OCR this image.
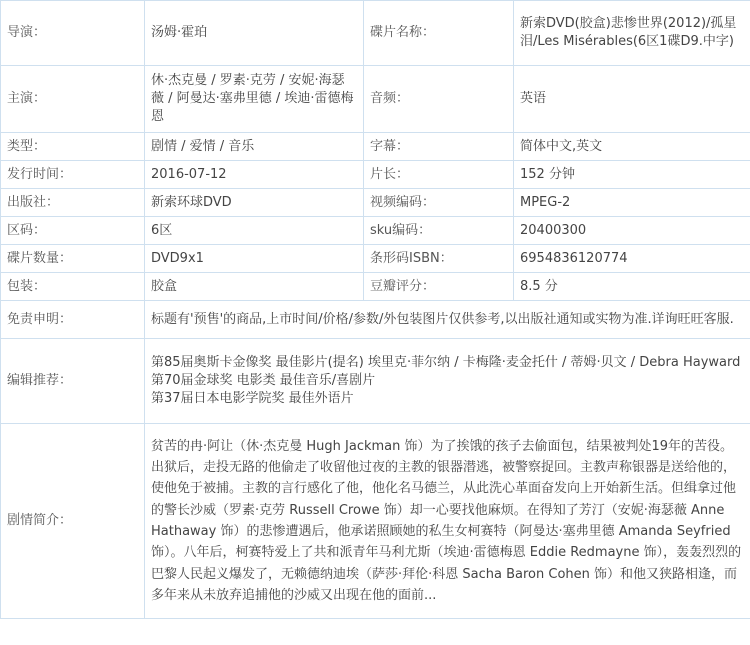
导演：	汤姆·霍珀	碟片名称：	新索DVD(胶盒)悲惨世界(2012)/孤星泪/Les Misérables(6区1碟D9.中字)
主演：	休·杰克曼 / 罗素·克劳 / 安妮·海瑟薇 / 阿曼达·塞弗里德 / 埃迪·雷德梅恩	音频：	英语
类型：	剧情 / 爱情 / 音乐	字幕：	简体中文,英文
发行时间：	2016-07-12	片长：	152 分钟
出版社：	新索环球DVD	视频编码：	MPEG-2
区码：	6区	sku编码：	20400300
碟片数量：	DVD9x1	条形码ISBN：	6954836120774
包装：	胶盒	豆瓣评分：	8.5 分
免责申明：	标题有'预售'的商品,上市时间/价格/参数/外包装图片仅供参考,以出版社通知或实物为准.详询旺旺客服.		
编辑推荐：	第85届奥斯卡金像奖 最佳影片(提名) 埃里克·菲尔纳 / 卡梅隆·麦金托什 / 蒂姆·贝文 / Debra Hayward
第70届金球奖 电影类 最佳音乐/喜剧片
第37届日本电影学院奖 最佳外语片		

剧情简介：	贫苦的冉·阿让（休·杰克曼 Hugh Jackman 饰）为了挨饿的孩子去偷面包，结果被判处19年的苦役。出狱后，走投无路的他偷走了收留他过夜的主教的银器潜逃，被警察捉回。主教声称银器是送给他的，使他免于被捕。主教的言行感化了他，他化名马德兰，从此洗心革面奋发向上开始新生活。但缉拿过他的警长沙威（罗素·克劳 Russell Crowe 饰）却一心要找他麻烦。在得知了芳汀（安妮·海瑟薇 Anne Hathaway 饰）的悲惨遭遇后，他承诺照顾她的私生女柯赛特（阿曼达·塞弗里德 Amanda Seyfried 饰）。八年后，柯赛特爱上了共和派青年马利尤斯（埃迪·雷德梅恩 Eddie Redmayne 饰），轰轰烈烈的巴黎人民起义爆发了，无赖德纳迪埃（萨莎·拜伦·科恩 Sacha Baron Cohen 饰）和他又狭路相逢，而多年来从未放弃追捕他的沙威又出现在他的面前...		
